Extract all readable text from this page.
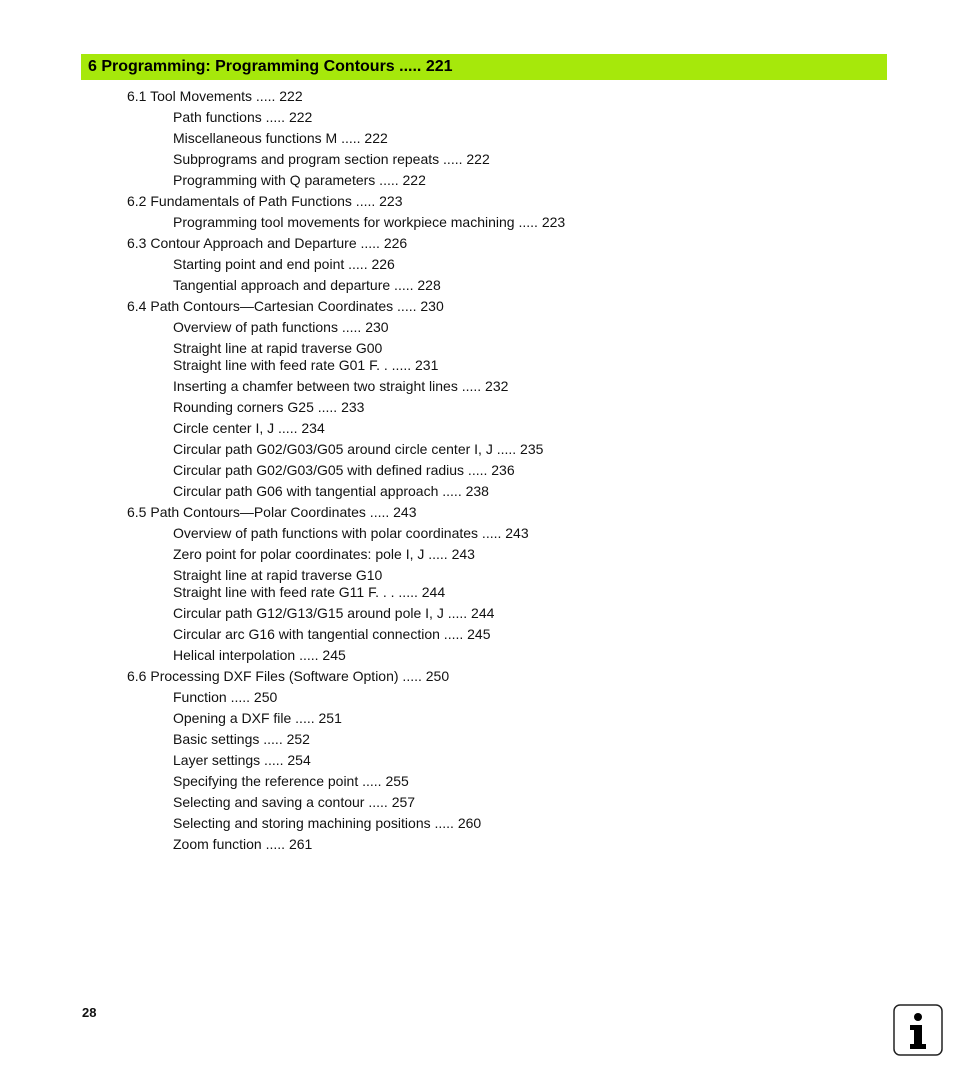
6 Programming: Programming Contours ..... 221
6.1 Tool Movements ..... 222
Path functions ..... 222
Miscellaneous functions M ..... 222
Subprograms and program section repeats ..... 222
Programming with Q parameters ..... 222
6.2 Fundamentals of Path Functions ..... 223
Programming tool movements for workpiece machining ..... 223
6.3 Contour Approach and Departure ..... 226
Starting point and end point ..... 226
Tangential approach and departure ..... 228
6.4 Path Contours—Cartesian Coordinates ..... 230
Overview of path functions ..... 230
Straight line at rapid traverse G00
Straight line with feed rate G01 F. . ..... 231
Inserting a chamfer between two straight lines ..... 232
Rounding corners G25 ..... 233
Circle center I, J ..... 234
Circular path G02/G03/G05 around circle center I, J ..... 235
Circular path G02/G03/G05 with defined radius ..... 236
Circular path G06 with tangential approach ..... 238
6.5 Path Contours—Polar Coordinates ..... 243
Overview of path functions with polar coordinates ..... 243
Zero point for polar coordinates: pole I, J ..... 243
Straight line at rapid traverse G10
Straight line with feed rate G11 F. . . ..... 244
Circular path G12/G13/G15 around pole I, J ..... 244
Circular arc G16 with tangential connection ..... 245
Helical interpolation ..... 245
6.6 Processing DXF Files (Software Option) ..... 250
Function ..... 250
Opening a DXF file ..... 251
Basic settings ..... 252
Layer settings ..... 254
Specifying the reference point ..... 255
Selecting and saving a contour ..... 257
Selecting and storing machining positions ..... 260
Zoom function ..... 261
28
